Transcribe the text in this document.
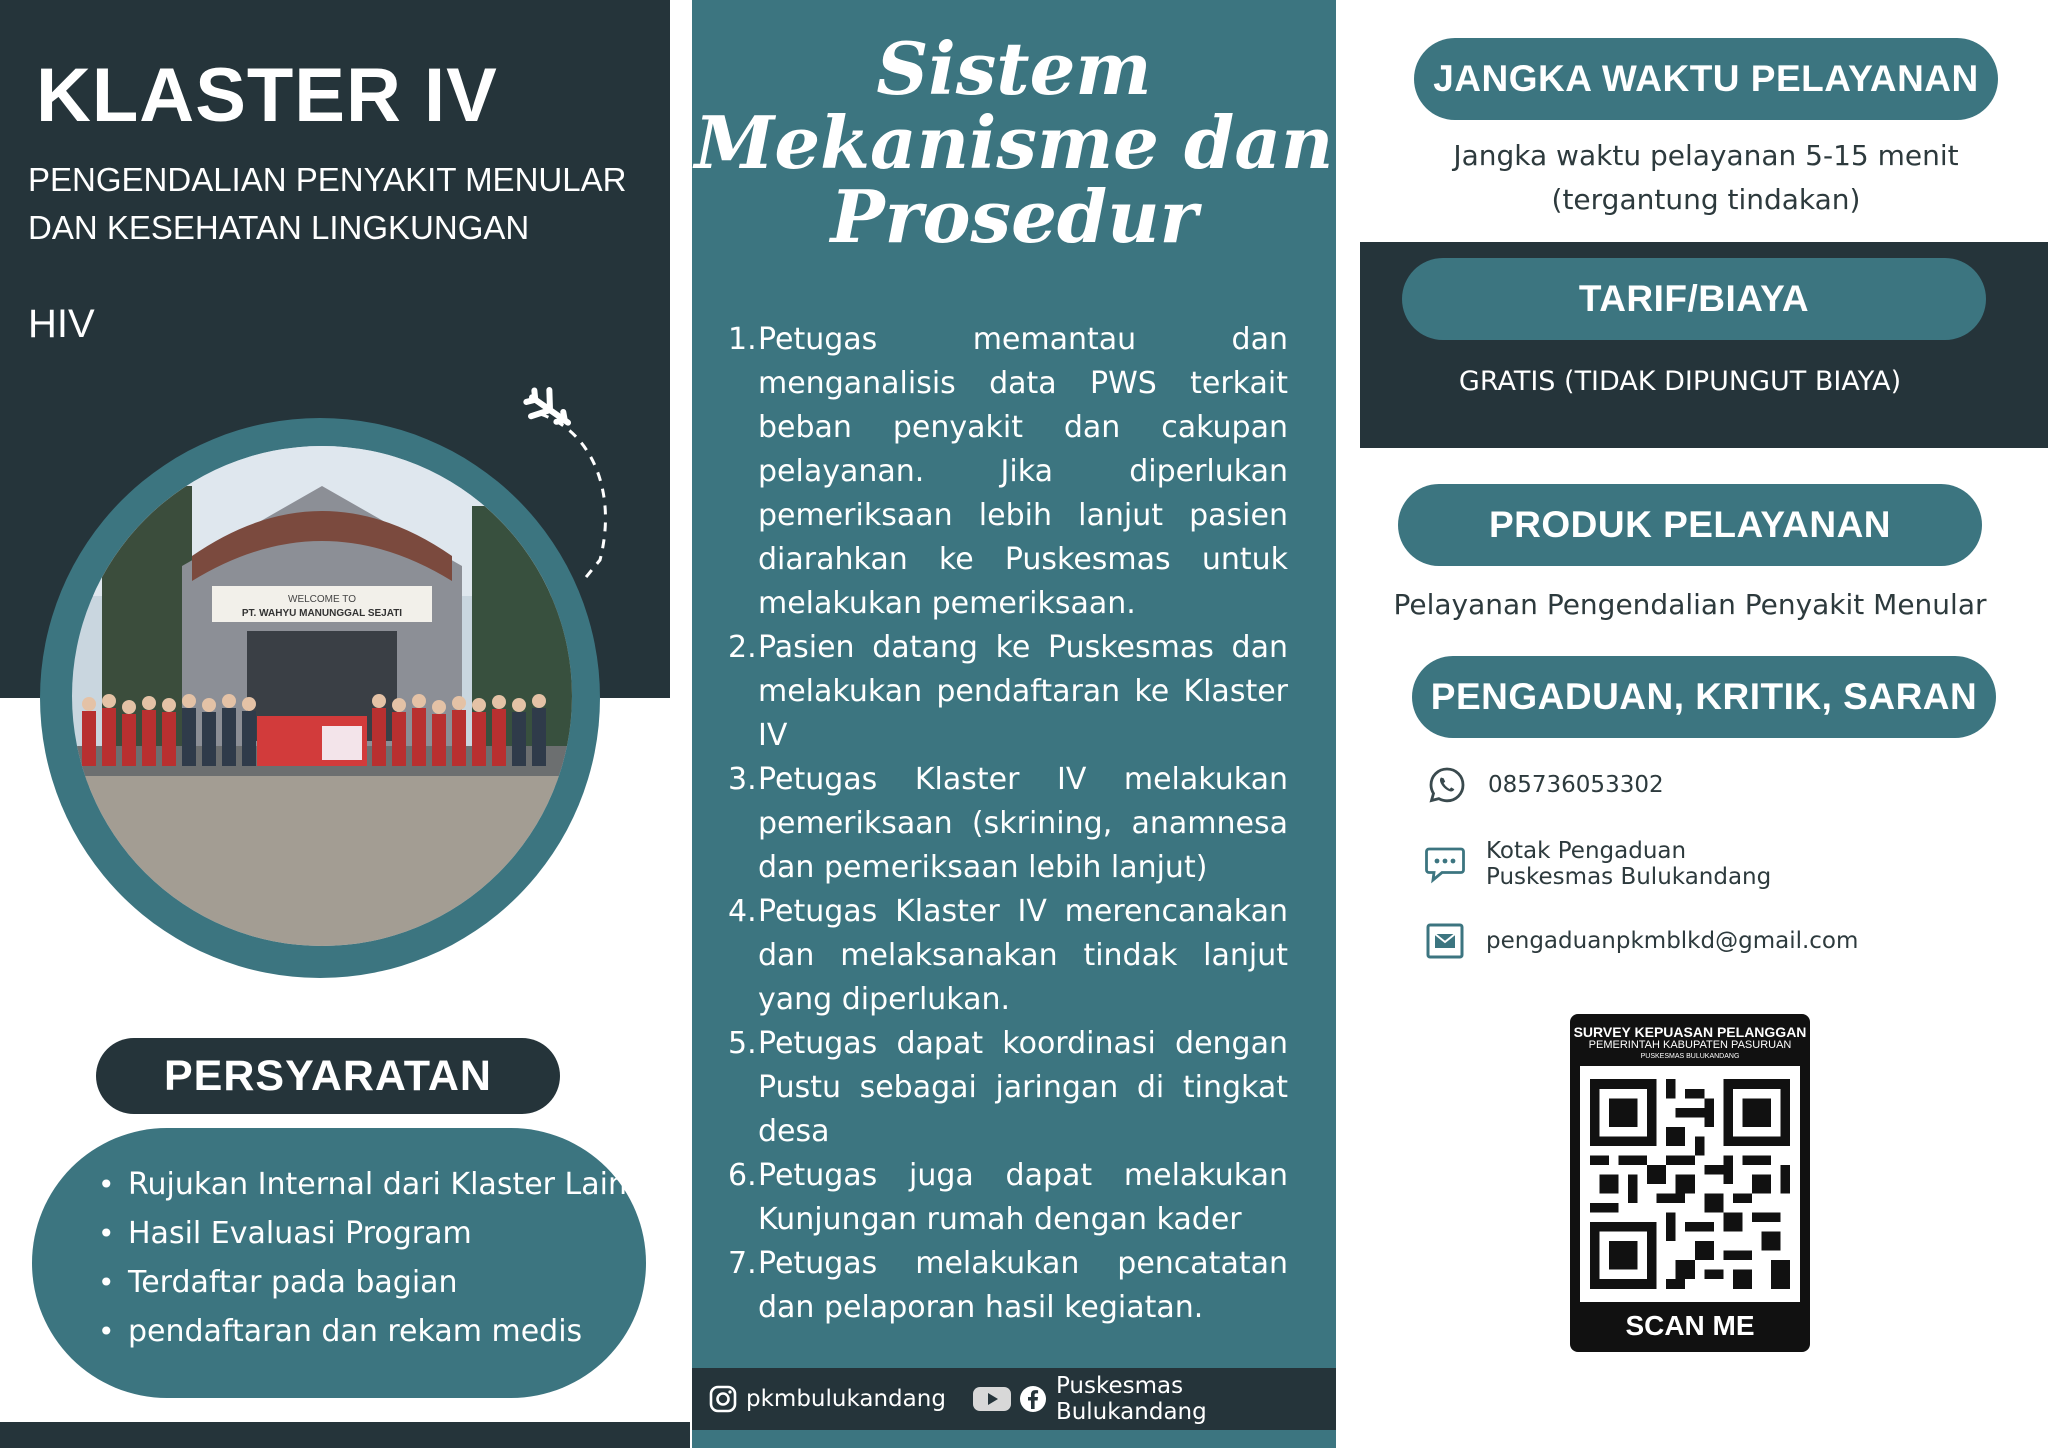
KLASTER IV
PENGENDALIAN PENYAKIT MENULAR
DAN KESEHATAN LINGKUNGAN
HIV
WELCOME TO
PT. WAHYU MANUNGGAL SEJATI
PERSYARATAN
• Rujukan Internal dari Klaster Lain
• Hasil Evaluasi Program
• Terdaftar pada bagian
• pendaftaran dan rekam medis
Sistem
Mekanisme dan
Prosedur
1. Petugas memantau dan menganalisis data PWS terkait beban penyakit dan cakupan pelayanan. Jika diperlukan pemeriksaan lebih lanjut pasien diarahkan ke Puskesmas untuk melakukan pemeriksaan.
2. Pasien datang ke Puskesmas dan melakukan pendaftaran ke Klaster IV
3. Petugas Klaster IV melakukan pemeriksaan (skrining, anamnesa dan pemeriksaan lebih lanjut)
4. Petugas Klaster IV merencanakan dan melaksanakan tindak lanjut yang diperlukan.
5. Petugas dapat koordinasi dengan Pustu sebagai jaringan di tingkat desa
6. Petugas juga dapat melakukan Kunjungan rumah dengan kader
7. Petugas melakukan pencatatan dan pelaporan hasil kegiatan.
pkmbulukandang	Puskesmas Bulukandang
JANGKA WAKTU PELAYANAN
Jangka waktu pelayanan 5-15 menit
(tergantung tindakan)
TARIF/BIAYA
GRATIS (TIDAK DIPUNGUT BIAYA)
PRODUK PELAYANAN
Pelayanan Pengendalian Penyakit Menular
PENGADUAN, KRITIK, SARAN
085736053302
Kotak Pengaduan
Puskesmas Bulukandang
pengaduanpkmblkd@gmail.com
SURVEY KEPUASAN PELANGGAN
PEMERINTAH KABUPATEN PASURUAN
PUSKESMAS BULUKANDANG
SCAN ME
